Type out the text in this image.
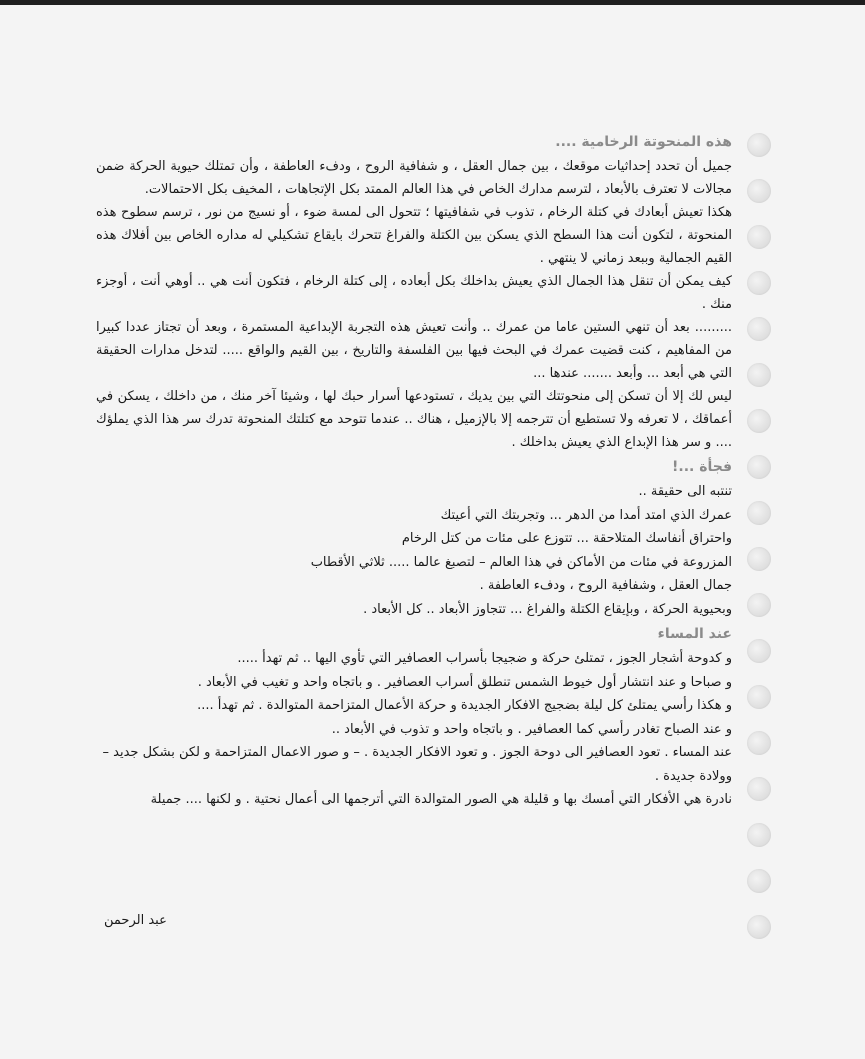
هذه المنحوتة الرخامية ....

جميل أن تحدد إحداثيات موقعك ، بين جمال العقل ، و شفافية الروح ، ودفء العاطفة ، وأن تمتلك حيوية الحركة ضمن مجالات لا تعترف بالأبعاد ، لترسم مدارك الخاص في هذا العالم الممتد بكل الإتجاهات ، المخيف بكل الاحتمالات.

هكذا تعيش أبعادك في كتلة الرخام ، تذوب في شفافيتها ؛ تتحول الى لمسة ضوء ، أو نسيج من نور ، ترسم سطوح هذه المنحوتة ، لتكون أنت هذا السطح الذي يسكن بين الكتلة والفراغ تتحرك بايقاع تشكيلي له مداره الخاص بين أفلاك هذه القيم الجمالية وببعد زماني لا ينتهي .

كيف يمكن أن تنقل هذا الجمال الذي يعيش بداخلك بكل أبعاده ، إلى كتلة الرخام ، فتكون أنت هي .. أوهي أنت ، أوجزء منك .

......... بعد أن تنهي الستين عاما من عمرك .. وأنت تعيش هذه التجربة الإبداعية المستمرة ، وبعد أن تجتاز عددا كبيرا من المفاهيم ، كنت قضيت عمرك في البحث فيها بين الفلسفة والتاريخ ، بين القيم والواقع ..... لتدخل مدارات الحقيقة التي هي أبعد ... وأبعد ....... عندها ...

ليس لك إلا أن تسكن إلى منحوتتك التي بين يديك ، تستودعها أسرار حبك لها ، وشيئا آخر منك ، من داخلك ، يسكن في أعماقك ، لا تعرفه ولا تستطيع أن تترجمه إلا بالإزميل ، هناك .. عندما تتوحد مع كتلتك المنحوتة تدرك سر هذا الذي يملؤك .... و سر هذا الإبداع الذي يعيش بداخلك .

فجأة ...!

تنتبه الى حقيقة ..

عمرك الذي امتد أمدا من الدهر ... وتجربتك التي أعيتك

واحتراق أنفاسك المتلاحقة ... تتوزع على مئات من كتل الرخام

المزروعة في مئات من الأماكن في هذا العالم – لتصبغ عالما ..... ثلاثي الأقطاب

جمال العقل ، وشفافية الروح ، ودفء العاطفة .

وبحيوية الحركة ، وبإيقاع الكتلة والفراغ ... تتجاوز الأبعاد .. كل الأبعاد .

عند المساء

و كدوحة أشجار الجوز ، تمتلئ حركة و ضجيجا بأسراب العصافير التي تأوي اليها .. ثم تهدأ .....

و صباحا و عند انتشار أول خيوط الشمس تنطلق أسراب العصافير . و باتجاه واحد و تغيب في الأبعاد .

و هكذا رأسي يمتلئ كل ليلة بضجيج الافكار الجديدة و حركة الأعمال المتزاحمة المتوالدة . ثم تهدأ ....

و عند الصباح تغادر رأسي كما العصافير . و باتجاه واحد و تذوب في الأبعاد ..

عند المساء . تعود العصافير الى دوحة الجوز . و تعود الافكار الجديدة . – و صور الاعمال المتزاحمة و لكن بشكل جديد – وولادة جديدة .

نادرة هي الأفكار التي أمسك بها و قليلة هي الصور المتوالدة التي أترجمها الى أعمال نحتية . و لكنها .... جميلة

عبد الرحمن
